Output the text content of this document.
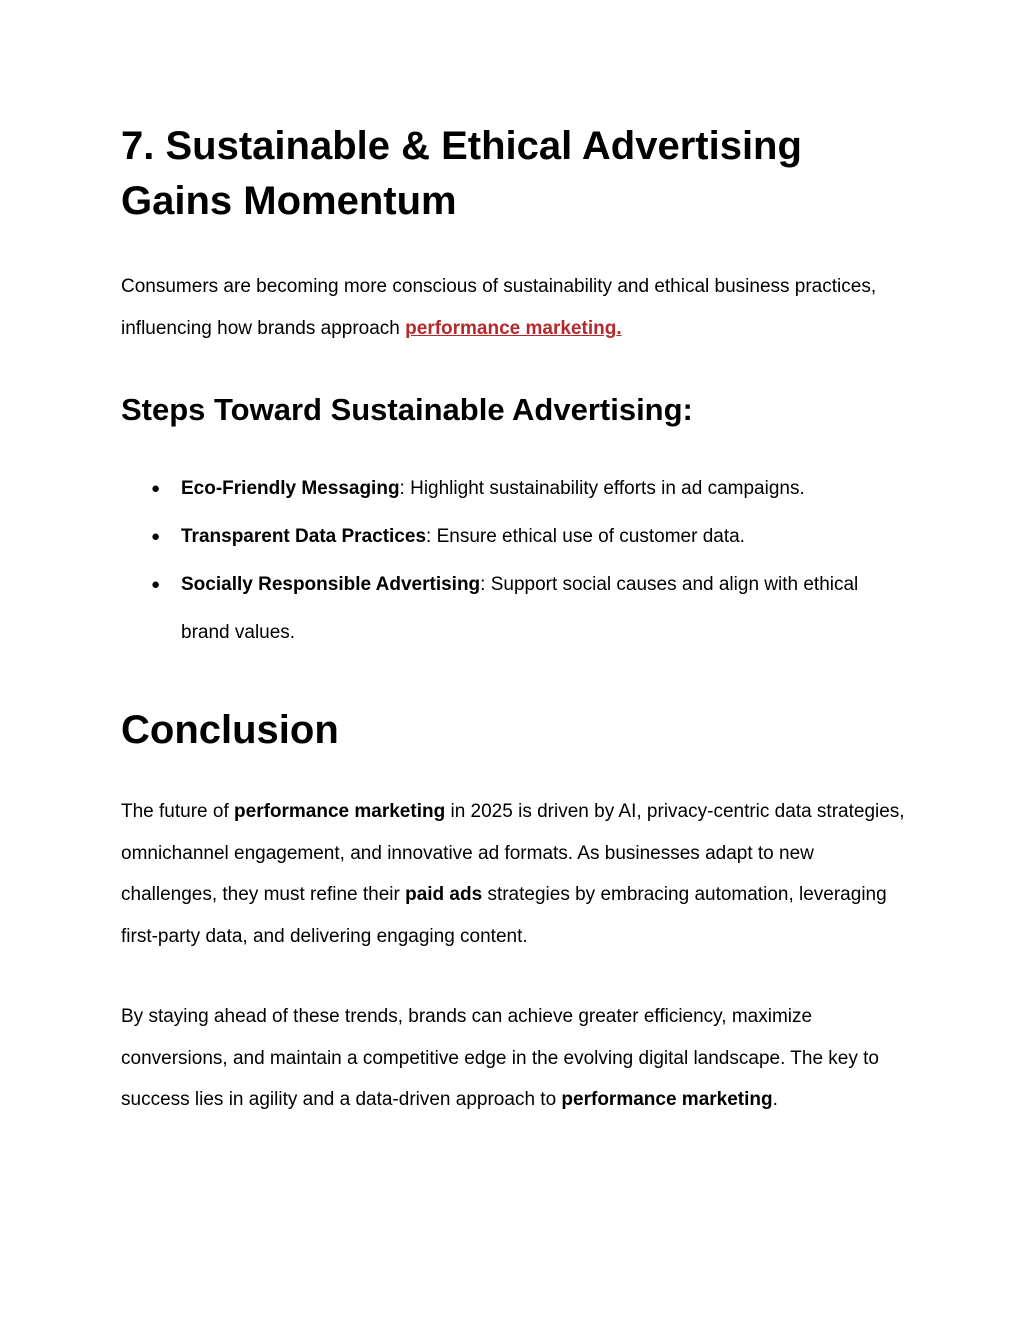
7. Sustainable & Ethical Advertising Gains Momentum

Consumers are becoming more conscious of sustainability and ethical business practices, influencing how brands approach performance marketing.

Steps Toward Sustainable Advertising:
● Eco-Friendly Messaging: Highlight sustainability efforts in ad campaigns.
● Transparent Data Practices: Ensure ethical use of customer data.
● Socially Responsible Advertising: Support social causes and align with ethical brand values.
Conclusion

The future of performance marketing in 2025 is driven by AI, privacy-centric data strategies, omnichannel engagement, and innovative ad formats. As businesses adapt to new challenges, they must refine their paid ads strategies by embracing automation, leveraging first-party data, and delivering engaging content.

By staying ahead of these trends, brands can achieve greater efficiency, maximize conversions, and maintain a competitive edge in the evolving digital landscape. The key to success lies in agility and a data-driven approach to performance marketing.
